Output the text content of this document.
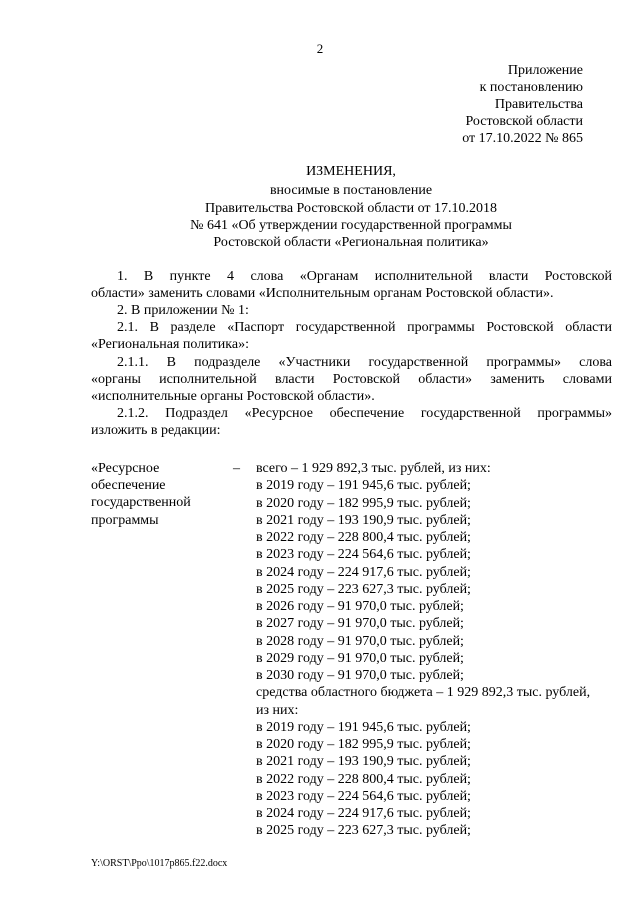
2
Приложение
к постановлению
Правительства
Ростовской области
от 17.10.2022 № 865
ИЗМЕНЕНИЯ,
вносимые в постановление
Правительства Ростовской области от 17.10.2018
№ 641 «Об утверждении государственной программы
Ростовской области «Региональная политика»
1. В пункте 4 слова «Органам исполнительной власти Ростовской
области» заменить словами «Исполнительным органам Ростовской области».
2. В приложении № 1:
2.1. В разделе «Паспорт государственной программы Ростовской области
«Региональная политика»:
2.1.1. В подразделе «Участники государственной программы» слова
«органы исполнительной власти Ростовской области» заменить словами
«исполнительные органы Ростовской области».
2.1.2. Подраздел «Ресурсное обеспечение государственной программы»
изложить в редакции:
«Ресурсное
обеспечение
государственной
программы
– всего – 1 929 892,3 тыс. рублей, из них:
в 2019 году – 191 945,6 тыс. рублей;
в 2020 году – 182 995,9 тыс. рублей;
в 2021 году – 193 190,9 тыс. рублей;
в 2022 году – 228 800,4 тыс. рублей;
в 2023 году – 224 564,6 тыс. рублей;
в 2024 году – 224 917,6 тыс. рублей;
в 2025 году – 223 627,3 тыс. рублей;
в 2026 году – 91 970,0 тыс. рублей;
в 2027 году – 91 970,0 тыс. рублей;
в 2028 году – 91 970,0 тыс. рублей;
в 2029 году – 91 970,0 тыс. рублей;
в 2030 году – 91 970,0 тыс. рублей;
средства областного бюджета – 1 929 892,3 тыс. рублей,
из них:
в 2019 году – 191 945,6 тыс. рублей;
в 2020 году – 182 995,9 тыс. рублей;
в 2021 году – 193 190,9 тыс. рублей;
в 2022 году – 228 800,4 тыс. рублей;
в 2023 году – 224 564,6 тыс. рублей;
в 2024 году – 224 917,6 тыс. рублей;
в 2025 году – 223 627,3 тыс. рублей;
Y:\ORST\Ppo\1017p865.f22.docx
